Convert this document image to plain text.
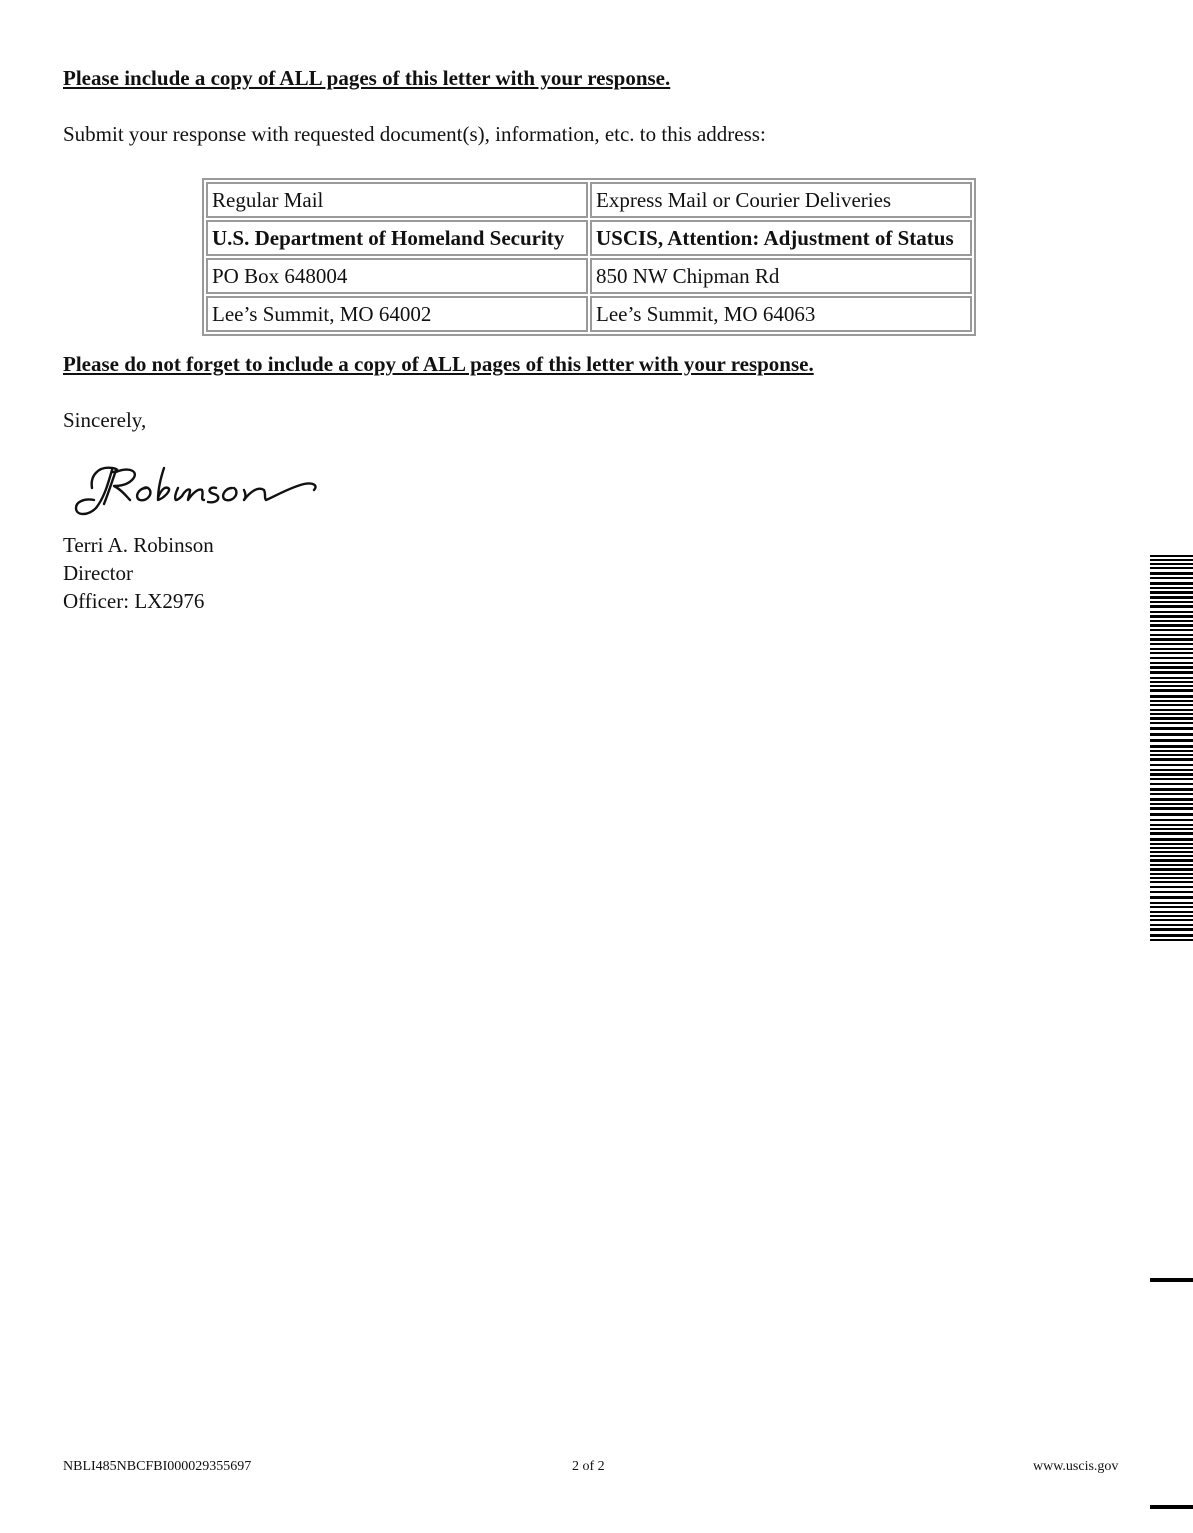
Please include a copy of ALL pages of this letter with your response.
Submit your response with requested document(s), information, etc. to this address:
Regular Mail	Express Mail or Courier Deliveries
U.S. Department of Homeland Security	USCIS, Attention: Adjustment of Status
PO Box 648004	850 NW Chipman Rd
Lee’s Summit, MO 64002	Lee’s Summit, MO 64063
Please do not forget to include a copy of ALL pages of this letter with your response.
Sincerely,
Terri A. Robinson
Director
Officer: LX2976
NBLI485NBCFBI000029355697	2 of 2	www.uscis.gov
